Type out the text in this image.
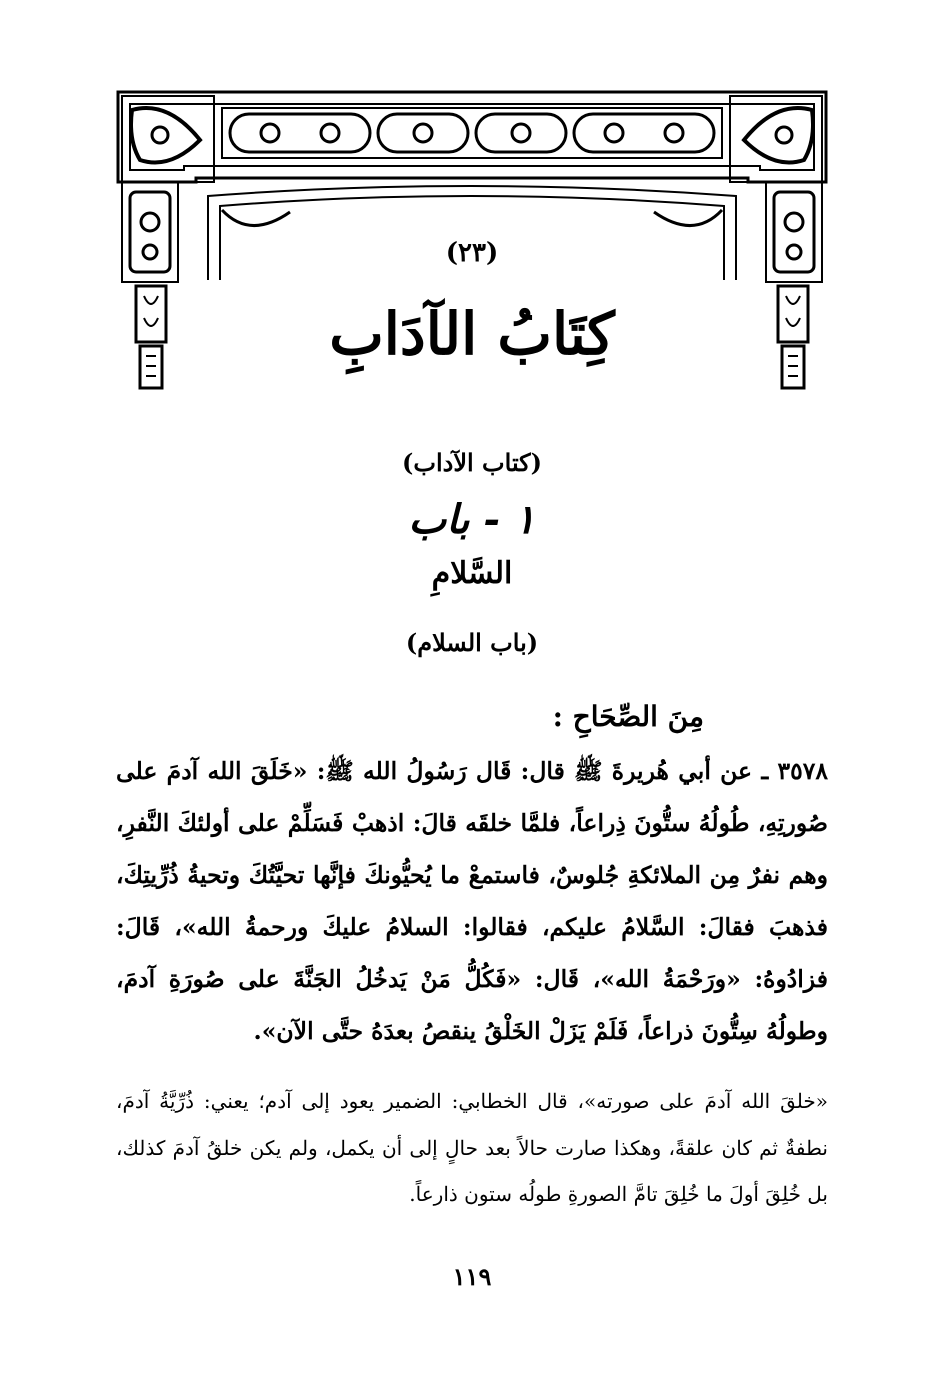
(٢٣)
كِتَابُ الآدَابِ
(كتاب الآداب)
١ - باب
السَّلامِ
(باب السلام)
مِنَ الصِّحَاحِ :
٣٥٧٨ ـ عن أبي هُريرةَ ﷺ قال: قَال رَسُولُ الله ﷺ: «خَلَقَ الله آدمَ على صُورتِهِ، طُولُهُ ستُّونَ ذِراعاً، فلمَّا خلقَه قالَ: اذهبْ فَسَلِّمْ على أولئكَ النَّفرِ، وهم نفرٌ مِن الملائكةِ جُلوسٌ، فاستمعْ ما يُحيُّونكَ فإنَّها تحيَّتُكَ وتحيةُ ذُرِّيتِكَ، فذهبَ فقالَ: السَّلامُ عليكم، فقالوا: السلامُ عليكَ ورحمةُ الله»، قَالَ: فزادُوهُ: «ورَحْمَةُ الله»، قَال: «فَكُلُّ مَنْ يَدخُلُ الجَنَّةَ على صُورَةِ آدمَ، وطولُهُ سِتُّونَ ذراعاً، فَلَمْ يَزَلْ الخَلْقُ ينقصُ بعدَهُ حتَّى الآن».
«خلقَ الله آدمَ على صورته»، قال الخطابي: الضمير يعود إلى آدم؛ يعني: ذُرِّيَّةُ آدمَ، نطفةٌ ثم كان علقةً، وهكذا صارت حالاً بعد حالٍ إلى أن يكمل، ولم يكن خلقُ آدمَ كذلك، بل خُلِقَ أولَ ما خُلِقَ تامَّ الصورةِ طولُه ستون ذارعاً.
١١٩
